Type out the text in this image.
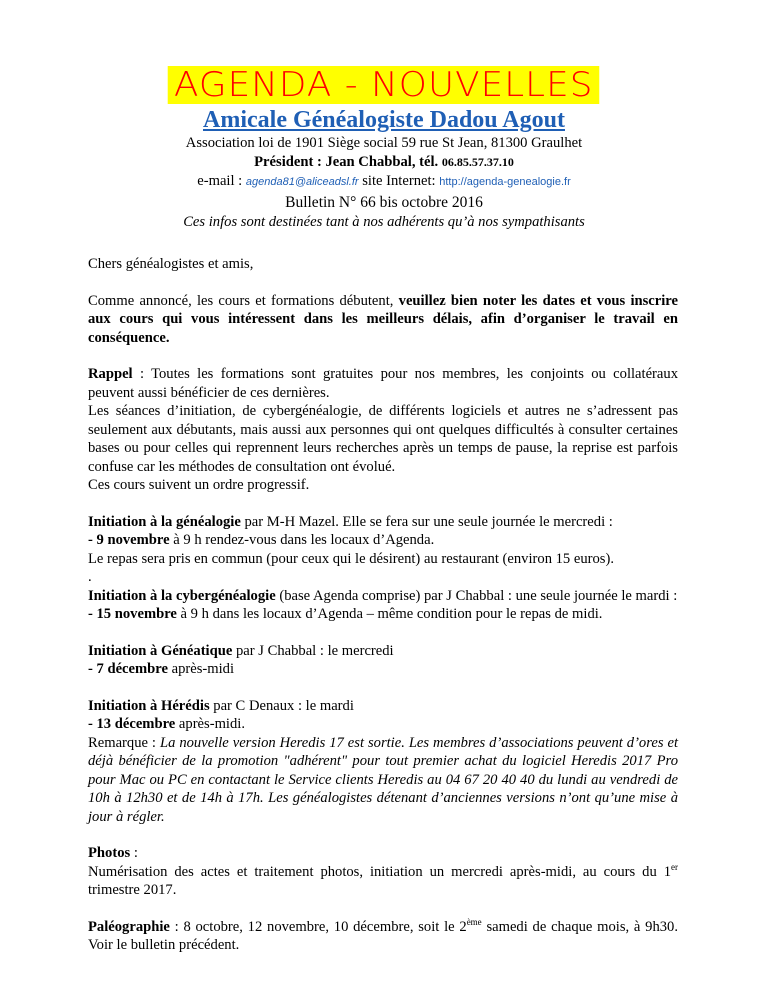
AGENDA - NOUVELLES
Amicale Généalogiste Dadou Agout
Association loi de 1901 Siège social 59 rue St Jean, 81300 Graulhet
Président : Jean Chabbal, tél. 06.85.57.37.10
e-mail : agenda81@aliceadsl.fr site Internet: http://agenda-genealogie.fr
Bulletin N° 66 bis octobre 2016
Ces infos sont destinées tant à nos adhérents qu’à nos sympathisants

Chers généalogistes et amis,

Comme annoncé, les cours et formations débutent, veuillez bien noter les dates et vous inscrire aux cours qui vous intéressent dans les meilleurs délais, afin d’organiser le travail en conséquence.

Rappel : Toutes les formations sont gratuites pour nos membres, les conjoints ou collatéraux peuvent aussi bénéficier de ces dernières.
Les séances d’initiation, de cybergénéalogie, de différents logiciels et autres ne s’adressent pas seulement aux débutants, mais aussi aux personnes qui ont quelques difficultés à consulter certaines bases ou pour celles qui reprennent leurs recherches après un temps de pause, la reprise est parfois confuse car les méthodes de consultation ont évolué.
Ces cours suivent un ordre progressif.
Initiation à la généalogie par M-H Mazel. Elle se fera sur une seule journée le mercredi :
- 9 novembre à 9 h rendez-vous dans les locaux d’Agenda.
Le repas sera pris en commun (pour ceux qui le désirent) au restaurant (environ 15 euros).
.
Initiation à la cybergénéalogie (base Agenda comprise) par J Chabbal : une seule journée le mardi :
- 15 novembre à 9 h dans les locaux d’Agenda – même condition pour le repas de midi.
Initiation à Généatique par J Chabbal : le mercredi
- 7 décembre après-midi
Initiation à Hérédis par C Denaux : le mardi
- 13 décembre après-midi.
Remarque : La nouvelle version Heredis 17 est sortie. Les membres d’associations peuvent d’ores et déjà bénéficier de la promotion "adhérent" pour tout premier achat du logiciel Heredis 2017 Pro pour Mac ou PC en contactant le Service clients Heredis au 04 67 20 40 40 du lundi au vendredi de 10h à 12h30 et de 14h à 17h. Les généalogistes détenant d’anciennes versions n’ont qu’une mise à jour à régler.
Photos :
Numérisation des actes et traitement photos, initiation un mercredi après-midi, au cours du 1er trimestre 2017.
Paléographie : 8 octobre, 12 novembre, 10 décembre, soit le 2ème samedi de chaque mois, à 9h30. Voir le bulletin précédent.
